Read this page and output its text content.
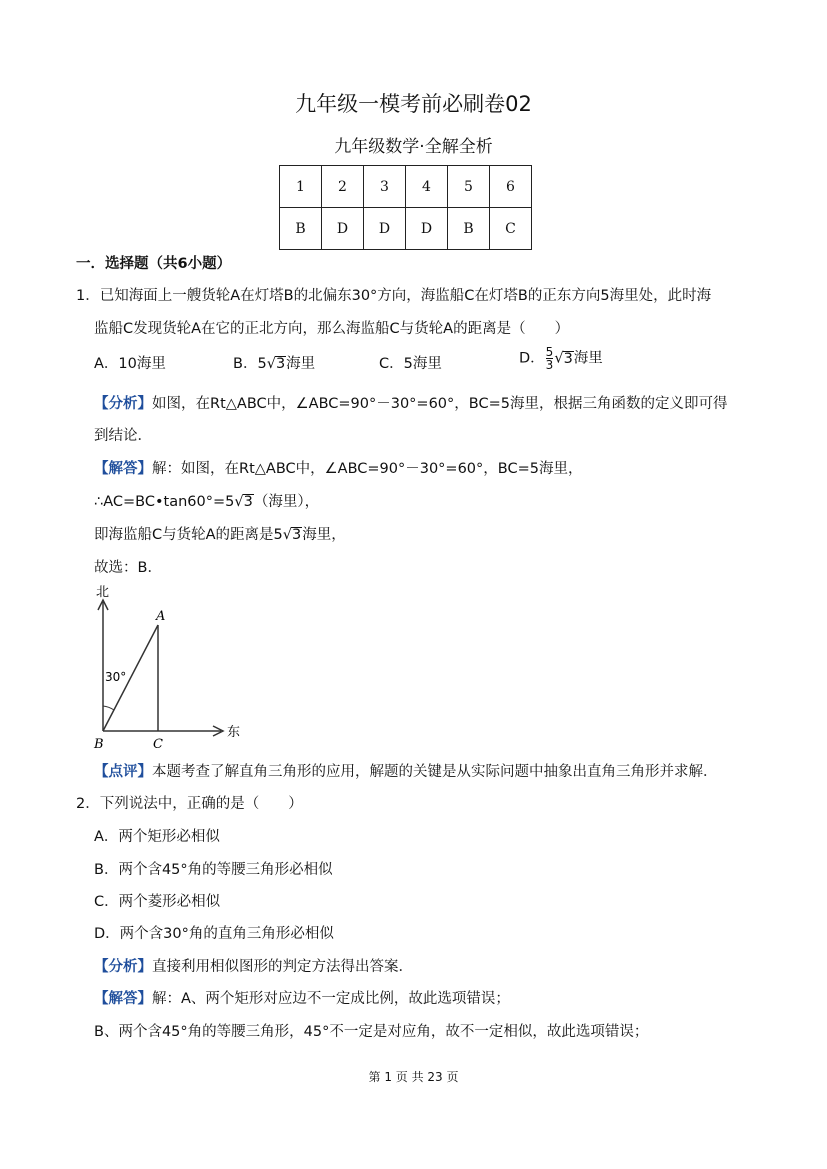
九年级一模考前必刷卷02
九年级数学·全解全析
1	2	3	4	5	6
B	D	D	D	B	C
一．选择题（共6小题）
1．已知海面上一艘货轮A在灯塔B的北偏东30°方向，海监船C在灯塔B的正东方向5海里处，此时海
监船C发现货轮A在它的正北方向，那么海监船C与货轮A的距离是（　　）
A．10海里	B．5√3海里	C．5海里	D． $\frac{5}{3} √3$海里
【分析】如图，在Rt△ABC中，∠ABC=90°－30°=60°，BC=5海里，根据三角函数的定义即可得
到结论．
【解答】解：如图，在Rt△ABC中，∠ABC=90°－30°=60°，BC=5海里，
∴AC=BC•tan60°=5√3（海里），
即海监船C与货轮A的距离是5√3海里，
故选：B．
北
东
30°
A
B	C
【点评】本题考查了解直角三角形的应用，解题的关键是从实际问题中抽象出直角三角形并求解．
2．下列说法中，正确的是（　　）
A．两个矩形必相似
B．两个含45°角的等腰三角形必相似
C．两个菱形必相似
D．两个含30°角的直角三角形必相似
【分析】直接利用相似图形的判定方法得出答案．
【解答】解：A、两个矩形对应边不一定成比例，故此选项错误；
B、两个含45°角的等腰三角形，45°不一定是对应角，故不一定相似，故此选项错误；
第 1 页 共 23 页
